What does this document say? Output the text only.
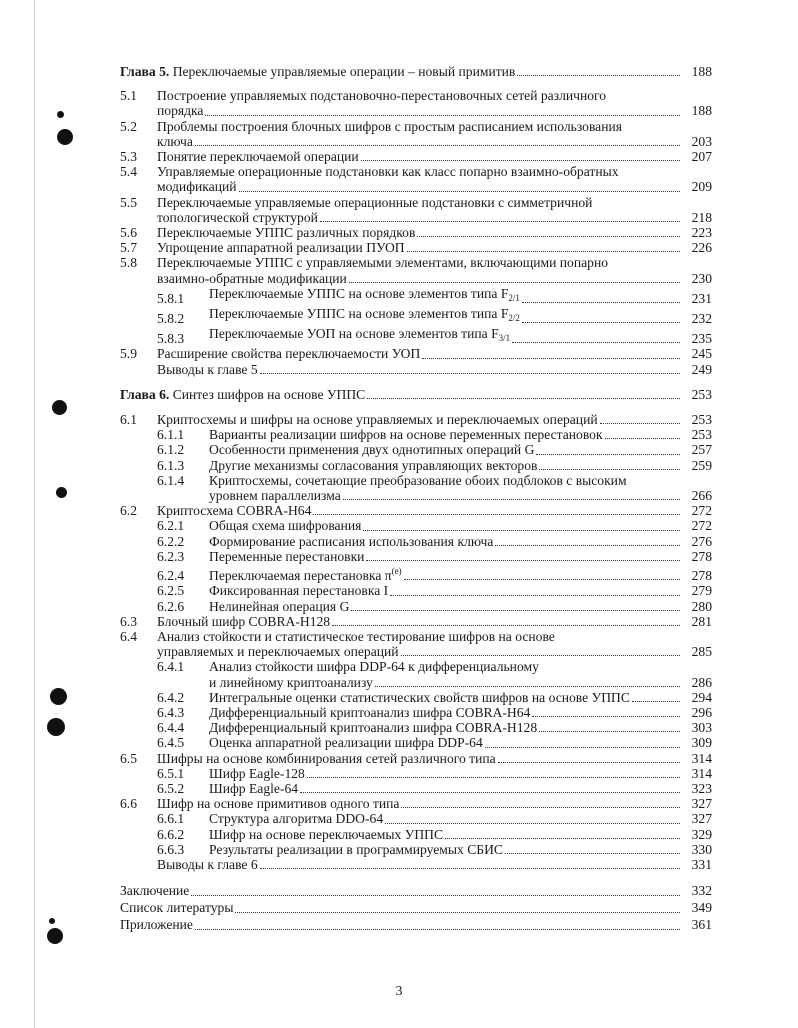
Глава 5. Переключаемые управляемые операции – новый примитив	188
5.1	Построение управляемых подстановочно-перестановочных сетей различного
порядка	188
5.2	Проблемы построения блочных шифров с простым расписанием использования
ключа	203
5.3	Понятие переключаемой операции	207
5.4	Управляемые операционные подстановки как класс попарно взаимно-обратных
модификаций	209
5.5	Переключаемые управляемые операционные подстановки с симметричной
топологической структурой	218
5.6	Переключаемые УППС различных порядков	223
5.7	Упрощение аппаратной реализации ПУОП	226
5.8	Переключаемые УППС с управляемыми элементами, включающими попарно
взаимно-обратные модификации	230
5.8.1	Переключаемые УППС на основе элементов типа $F_{2/1}$	231
5.8.2	Переключаемые УППС на основе элементов типа $F_{2/2}$	232
5.8.3	Переключаемые УОП на основе элементов типа $F_{3/1}$	235
5.9	Расширение свойства переключаемости УОП	245
Выводы к главе 5	249
Глава 6. Синтез шифров на основе УППС	253
6.1	Криптосхемы и шифры на основе управляемых и переключаемых операций	253
6.1.1	Варианты реализации шифров на основе переменных перестановок	253
6.1.2	Особенности применения двух однотипных операций G	257
6.1.3	Другие механизмы согласования управляющих векторов	259
6.1.4	Криптосхемы, сочетающие преобразование обоих подблоков с высоким
уровнем параллелизма	266
6.2	Криптосхема COBRA-H64	272
6.2.1	Общая схема шифрования	272
6.2.2	Формирование расписания использования ключа	276
6.2.3	Переменные перестановки	278
6.2.4	Переключаемая перестановка $\pi^{(e)}$	278
6.2.5	Фиксированная перестановка I	279
6.2.6	Нелинейная операция G	280
6.3	Блочный шифр COBRA-H128	281
6.4	Анализ стойкости и статистическое тестирование шифров на основе
управляемых и переключаемых операций	285
6.4.1	Анализ стойкости шифра DDP-64 к дифференциальному
и линейному криптоанализу	286
6.4.2	Интегральные оценки статистических свойств шифров на основе УППС	294
6.4.3	Дифференциальный криптоанализ шифра COBRA-H64	296
6.4.4	Дифференциальный криптоанализ шифра COBRA-H128	303
6.4.5	Оценка аппаратной реализации шифра DDP-64	309
6.5	Шифры на основе комбинирования сетей различного типа	314
6.5.1	Шифр Eagle-128	314
6.5.2	Шифр Eagle-64	323
6.6	Шифр на основе примитивов одного типа	327
6.6.1	Структура алгоритма DDO-64	327
6.6.2	Шифр на основе переключаемых УППС	329
6.6.3	Результаты реализации в программируемых СБИС	330
Выводы к главе 6	331
Заключение	332
Список литературы	349
Приложение	361
3
